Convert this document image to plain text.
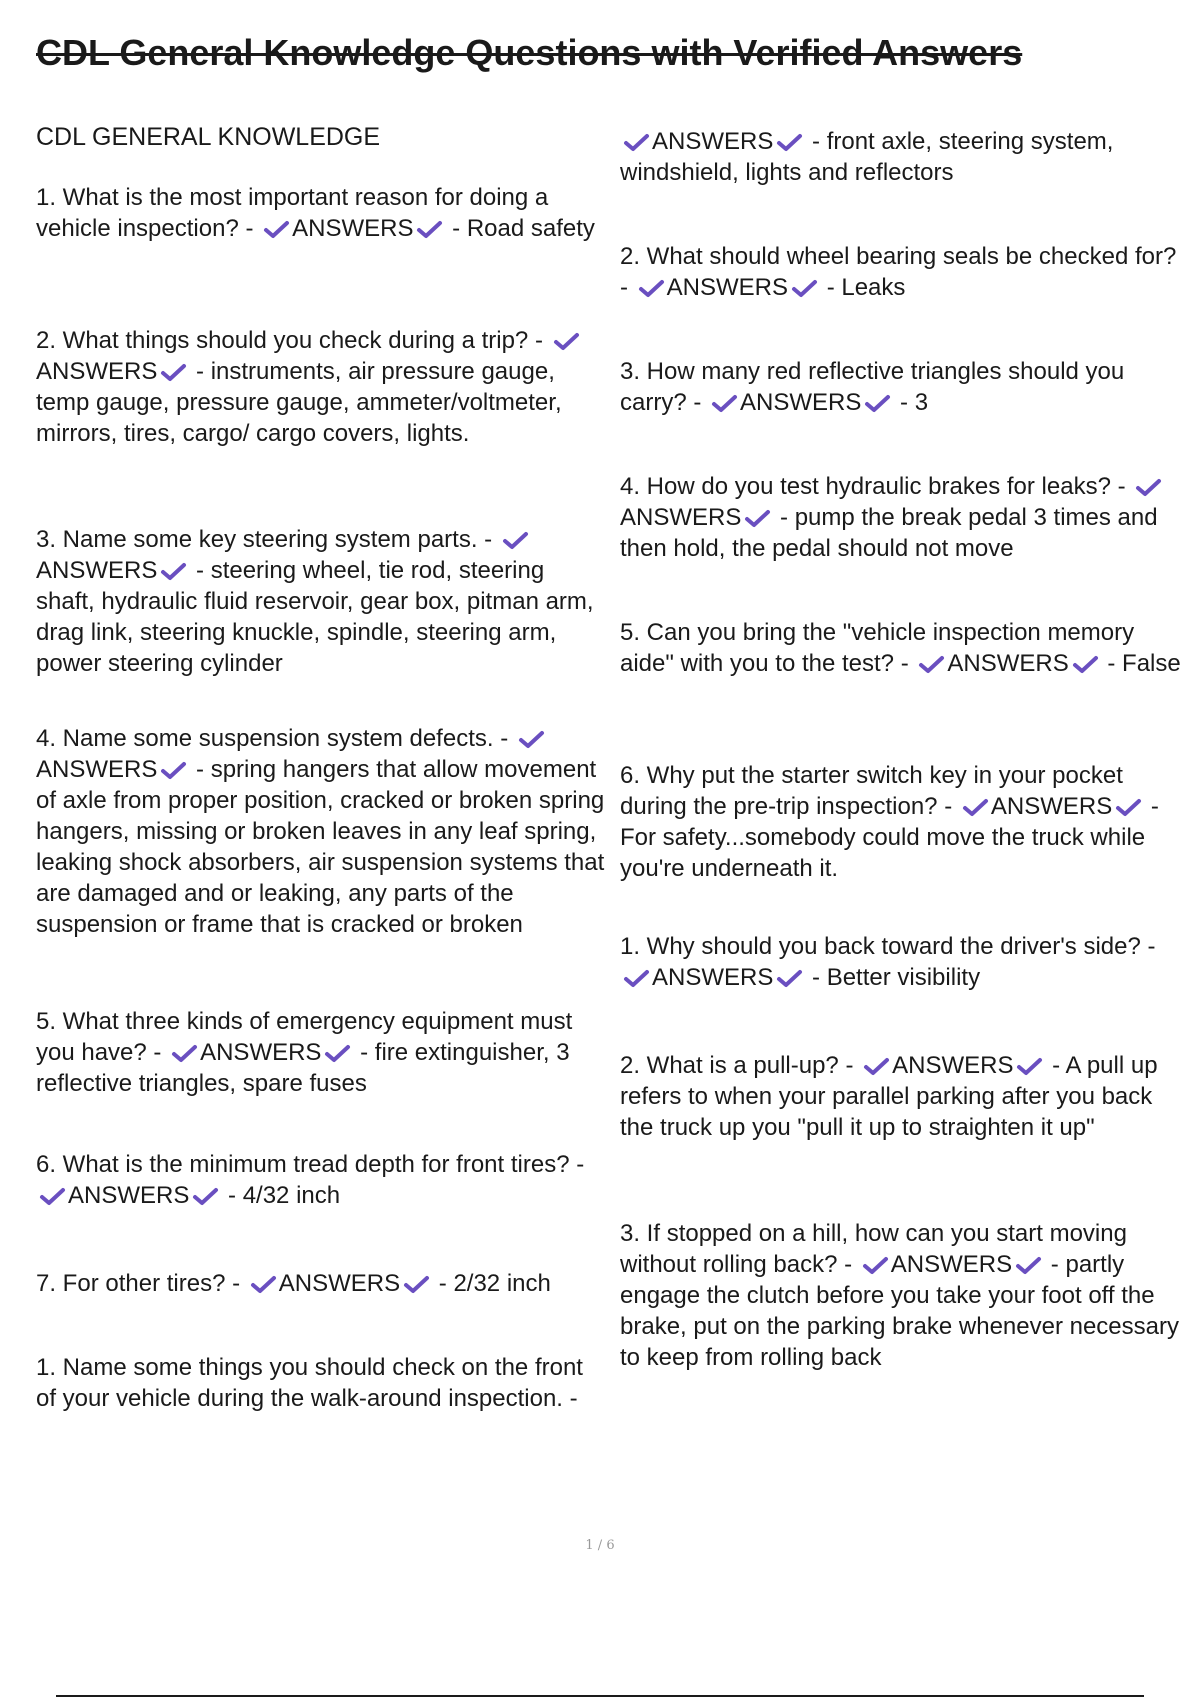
CDL General Knowledge Questions with Verified Answers

CDL GENERAL KNOWLEDGE

1. What is the most important reason for doing a vehicle inspection? -
ANSWERS
- Road safety

2. What things should you check during a trip? -
ANSWERS
- instruments, air pressure gauge, temp gauge, pressure gauge, ammeter/voltmeter, mirrors, tires, cargo/ cargo covers, lights.

3. Name some key steering system parts. -
ANSWERS
- steering wheel, tie rod, steering shaft, hydraulic fluid reservoir, gear box, pitman arm, drag link, steering knuckle, spindle, steering arm, power steering cylinder

4. Name some suspension system defects. -
ANSWERS
- spring hangers that allow movement of axle from proper position, cracked or broken spring hangers, missing or broken leaves in any leaf spring, leaking shock absorbers, air suspension systems that are damaged and or leaking, any parts of the suspension or frame that is cracked or broken

5. What three kinds of emergency equipment must you have? -
ANSWERS
- fire extinguisher, 3 reflective triangles, spare fuses

6. What is the minimum tread depth for front tires? -
ANSWERS
- 4/32 inch

7. For other tires? -
ANSWERS
- 2/32 inch

1. Name some things you should check on the front of your vehicle during the walk-around inspection. -

ANSWERS
- front axle, steering system, windshield, lights and reflectors

2. What should wheel bearing seals be checked for? -
ANSWERS
- Leaks

3. How many red reflective triangles should you carry? -
ANSWERS
- 3

4. How do you test hydraulic brakes for leaks? -
ANSWERS
- pump the break pedal 3 times and then hold, the pedal should not move

5. Can you bring the "vehicle inspection memory aide" with you to the test? -
ANSWERS
- False

6. Why put the starter switch key in your pocket during the pre-trip inspection? -
ANSWERS
- For safety...somebody could move the truck while you're underneath it.

1. Why should you back toward the driver's side? -
ANSWERS
- Better visibility

2. What is a pull-up? -
ANSWERS
- A pull up refers to when your parallel parking after you back the truck up you "pull it up to straighten it up"

3. If stopped on a hill, how can you start moving without rolling back? -
ANSWERS
- partly engage the clutch before you take your foot off the brake, put on the parking brake whenever necessary to keep from rolling back

1 / 6
